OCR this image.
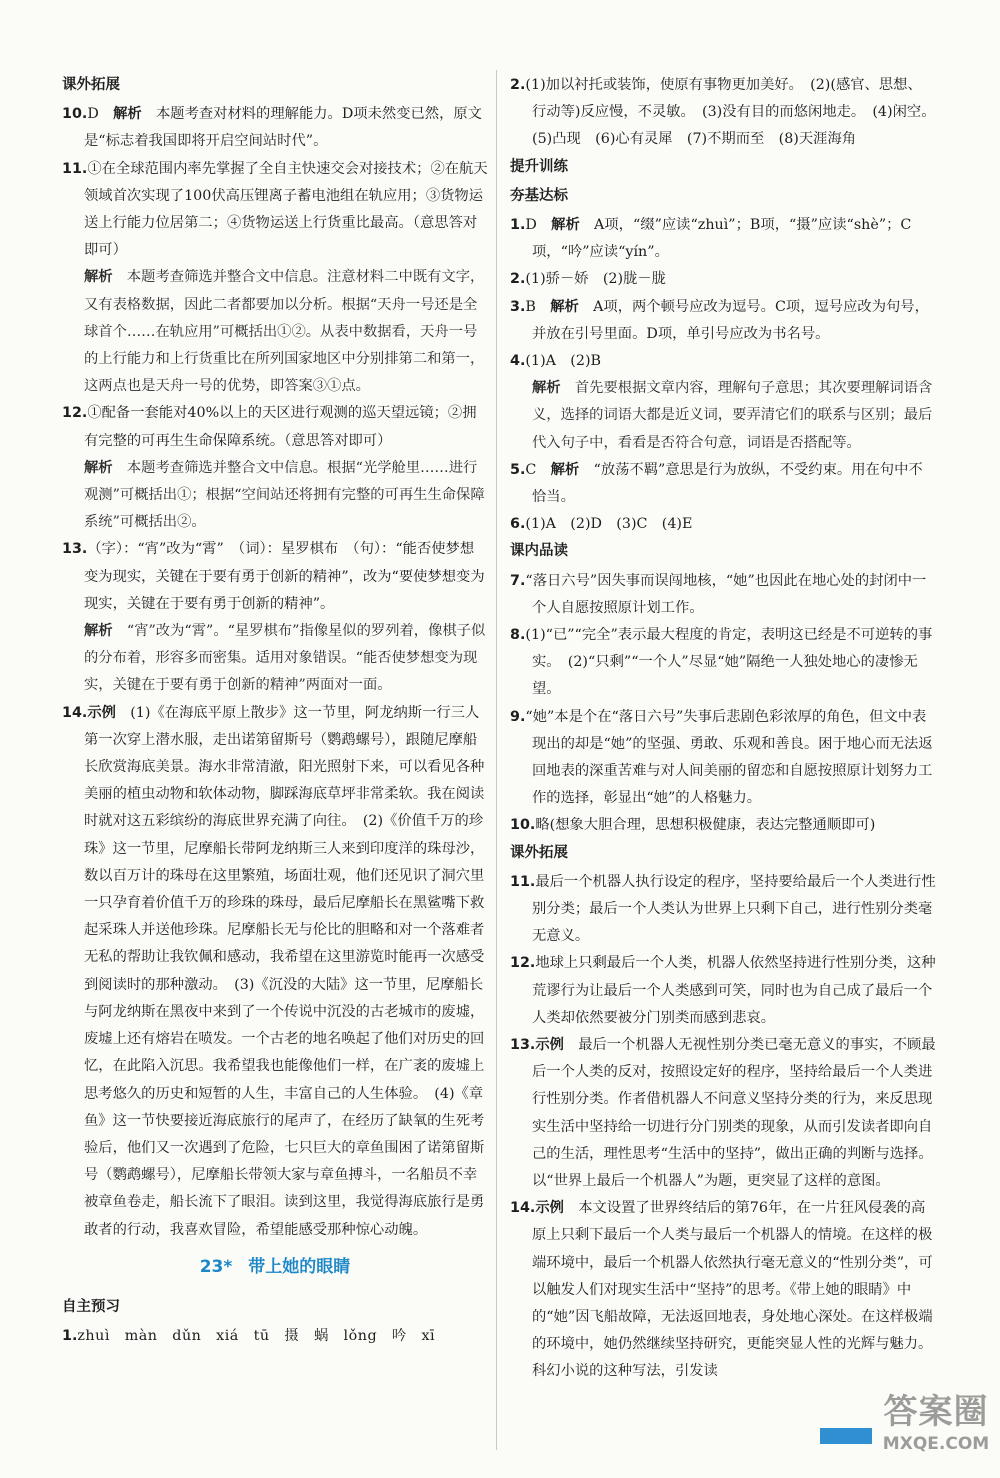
课外拓展
10.D　 解析　 本题考查对材料的理解能力。D项未然变已然，原文是“标志着我国即将开启空间站时代”。
11.①在全球范围内率先掌握了全自主快速交会对接技术；②在航天领域首次实现了100伏高压锂离子蓄电池组在轨应用；③货物运送上行能力位居第二；④货物运送上行货重比最高。（意思答对即可）
解析　 本题考查筛选并整合文中信息。注意材料二中既有文字，又有表格数据，因此二者都要加以分析。根据“天舟一号还是全球首个……在轨应用”可概括出①②。从表中数据看，天舟一号的上行能力和上行货重比在所列国家地区中分别排第二和第一，这两点也是天舟一号的优势，即答案③①点。
12.①配备一套能对40%以上的天区进行观测的巡天望远镜；②拥有完整的可再生生命保障系统。（意思答对即可）
解析　 本题考查筛选并整合文中信息。根据“光学舱里……进行观测”可概括出①；根据“空间站还将拥有完整的可再生生命保障系统”可概括出②。
13.（字）：“宵”改为“霄”　（词）：星罗棋布　（句）：“能否使梦想变为现实，关键在于要有勇于创新的精神”，改为“要使梦想变为现实，关键在于要有勇于创新的精神”。
解析　 “宵”改为“霄”。“星罗棋布”指像星似的罗列着，像棋子似的分布着，形容多而密集。适用对象错误。“能否使梦想变为现实，关键在于要有勇于创新的精神”两面对一面。
14.示例　 (1)《在海底平原上散步》这一节里，阿龙纳斯一行三人第一次穿上潜水服，走出诺第留斯号（鹦鹉螺号），跟随尼摩船长欣赏海底美景。海水非常清澈，阳光照射下来，可以看见各种美丽的植虫动物和软体动物，脚踩海底草坪非常柔软。我在阅读时就对这五彩缤纷的海底世界充满了向往。　(2)《价值千万的珍珠》这一节里，尼摩船长带阿龙纳斯三人来到印度洋的珠母沙，数以百万计的珠母在这里繁殖，场面壮观，他们还见识了洞穴里一只孕育着价值千万的珍珠的珠母，最后尼摩船长在黑鲨嘴下救起采珠人并送他珍珠。尼摩船长无与伦比的胆略和对一个落难者无私的帮助让我钦佩和感动，我希望在这里游览时能再一次感受到阅读时的那种激动。　(3)《沉没的大陆》这一节里，尼摩船长与阿龙纳斯在黑夜中来到了一个传说中沉没的古老城市的废墟，废墟上还有熔岩在喷发。一个古老的地名唤起了他们对历史的回忆，在此陷入沉思。我希望我也能像他们一样，在广袤的废墟上思考悠久的历史和短暂的人生，丰富自己的人生体验。　(4)《章鱼》这一节快要接近海底旅行的尾声了，在经历了缺氧的生死考验后，他们又一次遇到了危险，七只巨大的章鱼围困了诺第留斯号（鹦鹉螺号），尼摩船长带领大家与章鱼搏斗，一名船员不幸被章鱼卷走，船长流下了眼泪。读到这里，我觉得海底旅行是勇敢者的行动，我喜欢冒险，希望能感受那种惊心动魄。
23* 带上她的眼睛
自主预习
1.zhuì　màn　dǔn　xiá　tū　摄　蜗　lǒng　吟　xī
2.(1)加以衬托或装饰，使原有事物更加美好。　(2)(感官、思想、行动等)反应慢，不灵敏。　(3)没有目的而悠闲地走。　(4)闲空。　(5)凸现　(6)心有灵犀　(7)不期而至　(8)天涯海角
提升训练
夯基达标
1.D　 解析　 A项，“缀”应读“zhuì”；B项，“摄”应读“shè”；C项，“吟”应读“yín”。
2.(1)骄－娇　(2)胧－胧
3.B　 解析　 A项，两个顿号应改为逗号。C项，逗号应改为句号，并放在引号里面。D项，单引号应改为书名号。
4.(1)A　(2)B
解析　 首先要根据文章内容，理解句子意思；其次要理解词语含义，选择的词语大都是近义词，要弄清它们的联系与区别；最后代入句子中，看看是否符合句意，词语是否搭配等。
5.C　 解析　 “放荡不羁”意思是行为放纵，不受约束。用在句中不恰当。
6.(1)A　(2)D　(3)C　(4)E
课内品读
7.“落日六号”因失事而误闯地核，“她”也因此在地心处的封闭中一个人自愿按照原计划工作。
8.(1)“已”“完全”表示最大程度的肯定，表明这已经是不可逆转的事实。　(2)“只剩”“一个人”尽显“她”隔绝一人独处地心的凄惨无望。
9.“她”本是个在“落日六号”失事后悲剧色彩浓厚的角色，但文中表现出的却是“她”的坚强、勇敢、乐观和善良。困于地心而无法返回地表的深重苦难与对人间美丽的留恋和自愿按照原计划努力工作的选择，彰显出“她”的人格魅力。
10.略(想象大胆合理，思想积极健康，表达完整通顺即可)
课外拓展
11.最后一个机器人执行设定的程序，坚持要给最后一个人类进行性别分类；最后一个人类认为世界上只剩下自己，进行性别分类毫无意义。
12.地球上只剩最后一个人类，机器人依然坚持进行性别分类，这种荒谬行为让最后一个人类感到可笑，同时也为自己成了最后一个人类却依然要被分门别类而感到悲哀。
13.示例　 最后一个机器人无视性别分类已毫无意义的事实，不顾最后一个人类的反对，按照设定好的程序，坚持给最后一个人类进行性别分类。作者借机器人不问意义坚持分类的行为，来反思现实生活中坚持给一切进行分门别类的现象，从而引发读者即向自己的生活，理性思考“生活中的坚持”，做出正确的判断与选择。以“世界上最后一个机器人”为题，更突显了这样的意图。
14.示例　 本文设置了世界终结后的第76年，在一片狂风侵袭的高原上只剩下最后一个人类与最后一个机器人的情境。在这样的极端环境中，最后一个机器人依然执行毫无意义的“性别分类”，可以触发人们对现实生活中“坚持”的思考。《带上她的眼睛》中的“她”因飞船故障，无法返回地表，身处地心深处。在这样极端的环境中，她仍然继续坚持研究，更能突显人性的光辉与魅力。科幻小说的这种写法，引发读
答案圈
MXQE.COM
